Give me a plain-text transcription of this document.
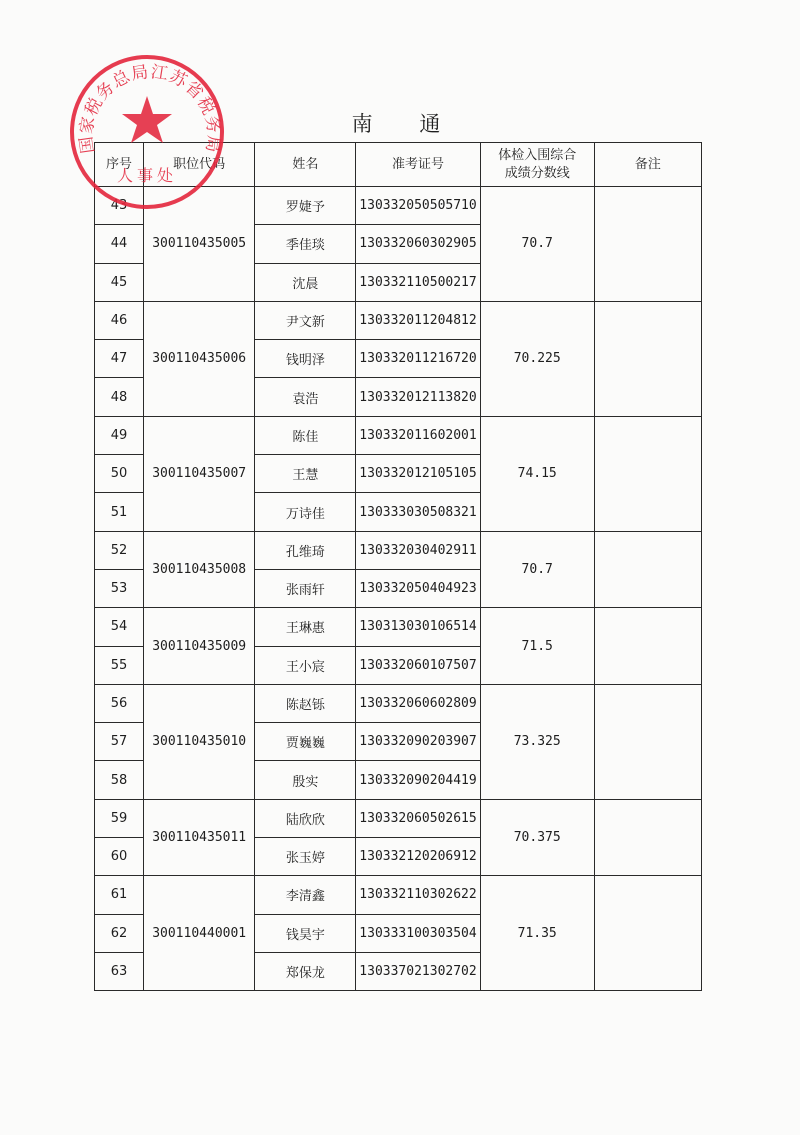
南 通
序号	职位代码	姓名	准考证号	体检入围综合成绩分数线	备注
43	300110435005	罗婕予	130332050505710	70.7	
44		季佳琰	130332060302905		
45		沈晨	130332110500217		
46	300110435006	尹文新	130332011204812	70.225	
47		钱明泽	130332011216720		
48		袁浩	130332012113820		
49	300110435007	陈佳	130332011602001	74.15	
50		王慧	130332012105105		
51		万诗佳	130333030508321		
52	300110435008	孔维琦	130332030402911	70.7	
53		张雨轩	130332050404923		
54	300110435009	王琳惠	130313030106514	71.5	
55		王小宸	130332060107507		
56	300110435010	陈赵铄	130332060602809	73.325	
57		贾巍巍	130332090203907		
58		殷实	130332090204419		
59	300110435011	陆欣欣	130332060502615	70.375	
60		张玉婷	130332120206912		
61	300110440001	李清鑫	130332110302622	71.35	
62		钱昊宇	130333100303504		
63		郑保龙	130337021302702		
国家税务总局江苏省税务局
人事处
